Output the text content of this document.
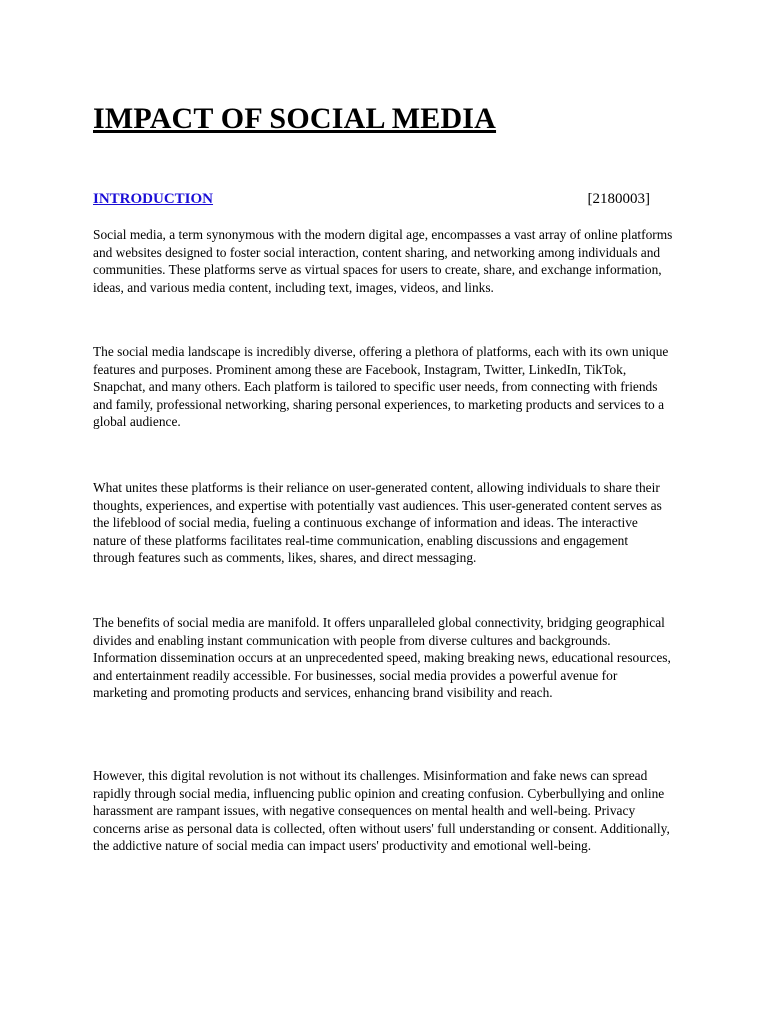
IMPACT OF SOCIAL MEDIA
INTRODUCTION	[2180003]

Social media, a term synonymous with the modern digital age, encompasses a vast array of online platforms and websites designed to foster social interaction, content sharing, and networking among individuals and communities. These platforms serve as virtual spaces for users to create, share, and exchange information, ideas, and various media content, including text, images, videos, and links.

The social media landscape is incredibly diverse, offering a plethora of platforms, each with its own unique features and purposes. Prominent among these are Facebook, Instagram, Twitter, LinkedIn, TikTok, Snapchat, and many others. Each platform is tailored to specific user needs, from connecting with friends and family, professional networking, sharing personal experiences, to marketing products and services to a global audience.

What unites these platforms is their reliance on user-generated content, allowing individuals to share their thoughts, experiences, and expertise with potentially vast audiences. This user-generated content serves as the lifeblood of social media, fueling a continuous exchange of information and ideas. The interactive nature of these platforms facilitates real-time communication, enabling discussions and engagement through features such as comments, likes, shares, and direct messaging.

The benefits of social media are manifold. It offers unparalleled global connectivity, bridging geographical divides and enabling instant communication with people from diverse cultures and backgrounds. Information dissemination occurs at an unprecedented speed, making breaking news, educational resources, and entertainment readily accessible. For businesses, social media provides a powerful avenue for marketing and promoting products and services, enhancing brand visibility and reach.

However, this digital revolution is not without its challenges. Misinformation and fake news can spread rapidly through social media, influencing public opinion and creating confusion. Cyberbullying and online harassment are rampant issues, with negative consequences on mental health and well-being. Privacy concerns arise as personal data is collected, often without users' full understanding or consent. Additionally, the addictive nature of social media can impact users' productivity and emotional well-being.
